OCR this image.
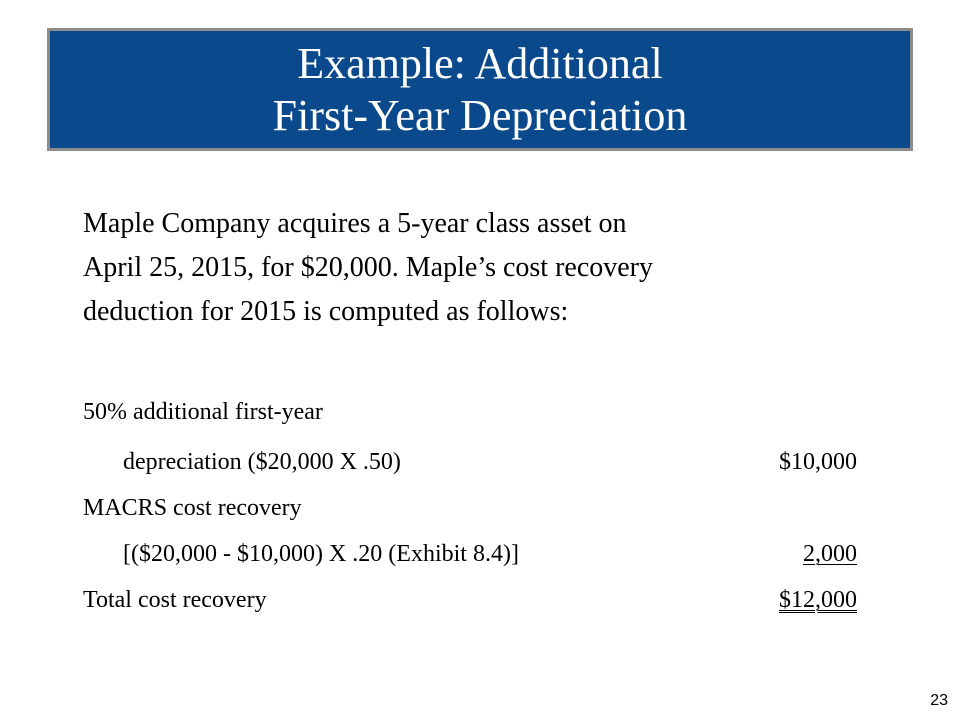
Example: Additional
First-Year Depreciation
Maple Company acquires a 5-year class asset on
April 25, 2015, for $20,000. Maple’s cost recovery
deduction for 2015 is computed as follows:
50% additional first-year
depreciation ($20,000 X .50)	$10,000
MACRS cost recovery
[($20,000 - $10,000) X .20 (Exhibit 8.4)]	2,000
Total cost recovery	$12,000
23
